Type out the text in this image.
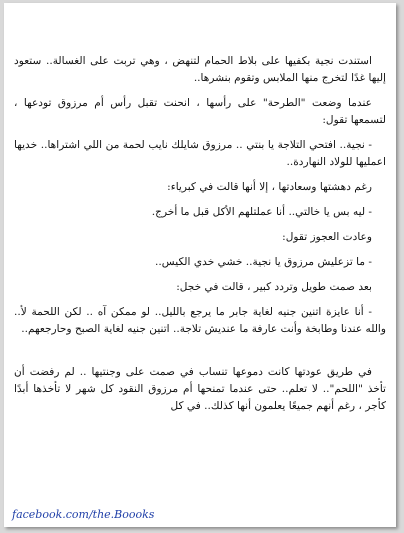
استندت نجية بكفيها على بلاط الحمام لتنهض ، وهي تربت على الغسالة.. ستعود إليها غدًا لتخرج منها الملابس وتقوم بنشرها..

عندما وضعت "الطرحة" على رأسها ، انحنت تقبل رأس أم مرزوق تودعها ، لتسمعها تقول:

- نجية.. افتحي التلاجة يا بنتي .. مرزوق شايلك نايب لحمة من اللي اشتراها.. خديها اعمليها للولاد النهاردة..

رغم دهشتها وسعادتها ، إلا أنها قالت في كبرياء:

- ليه بس يا خالتي.. أنا عملتلهم الأكل قبل ما أخرج.

وعادت العجوز تقول:

- ما تزعليش مرزوق يا نجية.. خشي خدي الكيس..

بعد صمت طويل وتردد كبير ، قالت في خجل:

- أنا عايزة اتنين جنيه لغاية جابر ما يرجع بالليل.. لو ممكن آه .. لكن اللحمة لأ.. والله عندنا وطابخة وأنت عارفة ما عنديش تلاجة.. اتنين جنيه لغاية الصبح وحارجعهم..

في طريق عودتها كانت دموعها تنساب في صمت على وجنتيها .. لم رفضت أن تأخذ "اللحم".. لا تعلم.. حتى عندما تمنحها أم مرزوق النقود كل شهر لا تأخذها أبدًا كأجر ، رغم أنهم جميعًا يعلمون أنها كذلك.. في كل

facebook.com/the.Boooks
